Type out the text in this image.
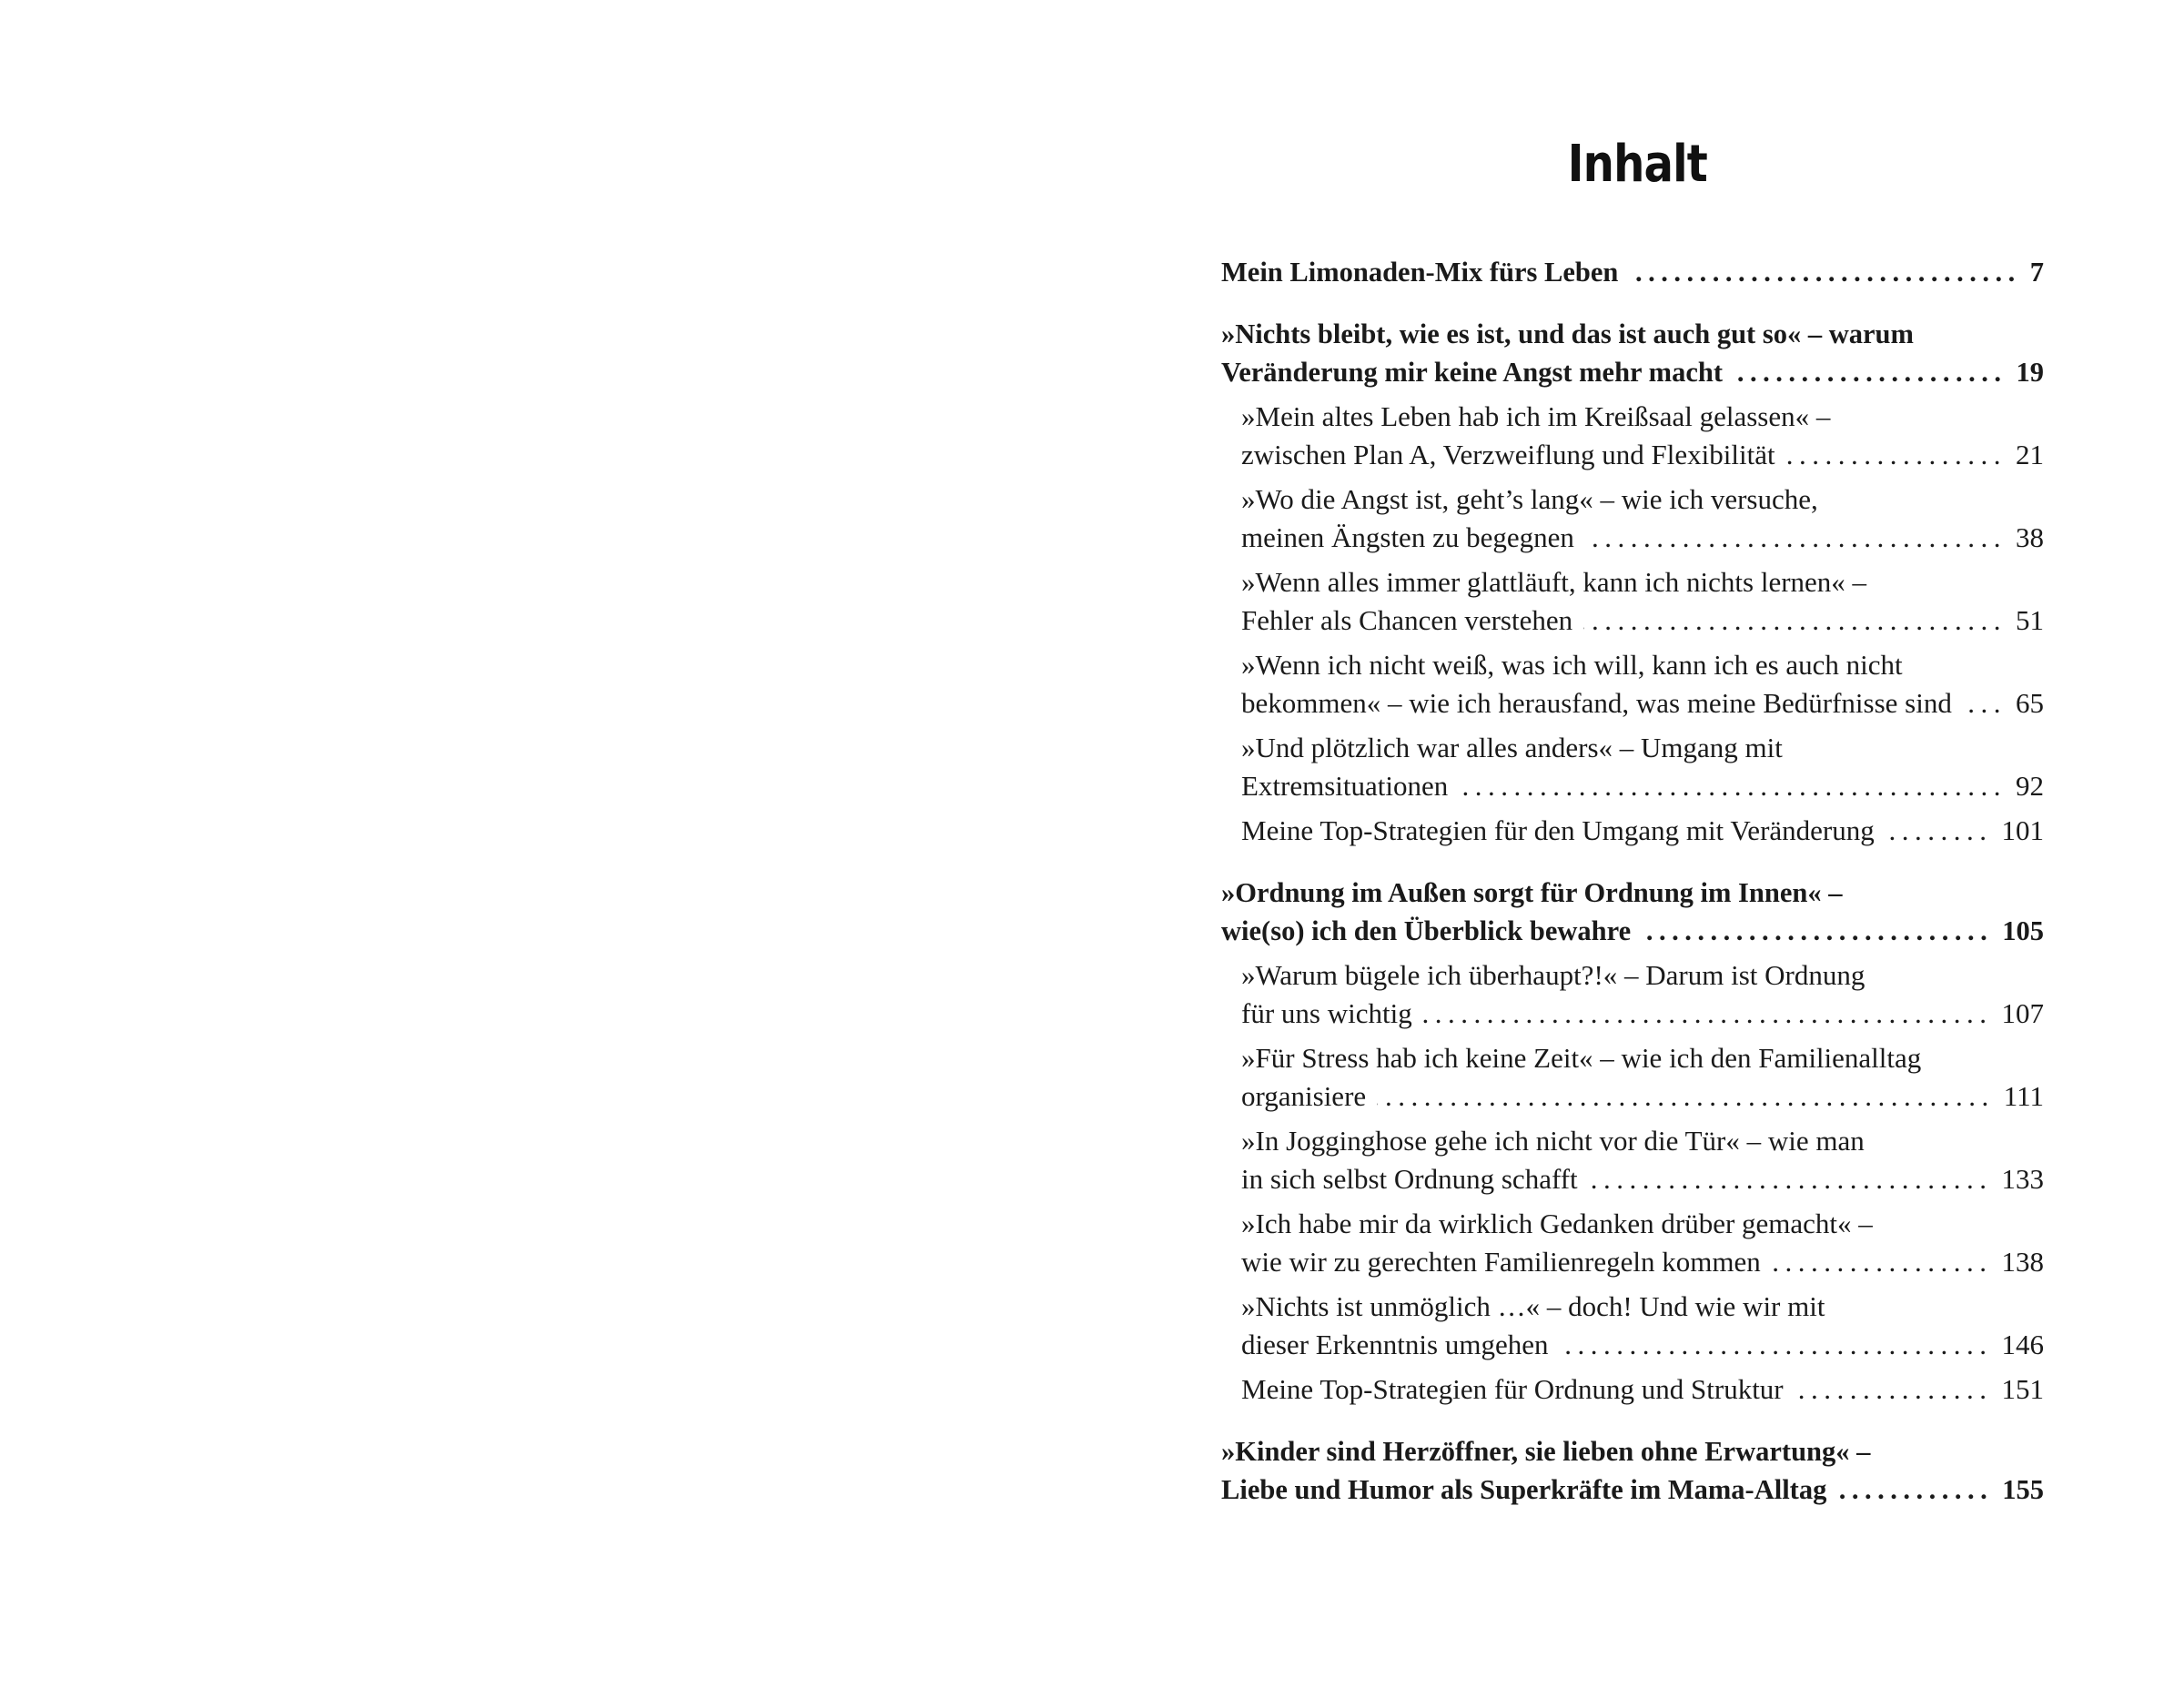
Inhalt
Mein Limonaden-Mix fürs Leben .....	7
»Nichts bleibt, wie es ist, und das ist auch gut so« – warum
Veränderung mir keine Angst mehr macht .....	19
»Mein altes Leben hab ich im Kreißsaal gelassen« –
zwischen Plan A, Verzweiflung und Flexibilität .....	21
»Wo die Angst ist, geht’s lang« – wie ich versuche,
meinen Ängsten zu begegnen .....	38
»Wenn alles immer glattläuft, kann ich nichts lernen« –
Fehler als Chancen verstehen .....	51
»Wenn ich nicht weiß, was ich will, kann ich es auch nicht
bekommen« – wie ich herausfand, was meine Bedürfnisse sind ..... 65
»Und plötzlich war alles anders« – Umgang mit
Extremsituationen .....	92
Meine Top-Strategien für den Umgang mit Veränderung .....	101
»Ordnung im Außen sorgt für Ordnung im Innen« –
wie(so) ich den Überblick bewahre .....	105
»Warum bügele ich überhaupt?!« – Darum ist Ordnung
für uns wichtig .....	107
»Für Stress hab ich keine Zeit« – wie ich den Familienalltag
organisiere .....	111
»In Jogginghose gehe ich nicht vor die Tür« – wie man
in sich selbst Ordnung schafft .....	133
»Ich habe mir da wirklich Gedanken drüber gemacht« –
wie wir zu gerechten Familienregeln kommen .....	138
»Nichts ist unmöglich …« – doch! Und wie wir mit
dieser Erkenntnis umgehen .....	146
Meine Top-Strategien für Ordnung und Struktur .....	151
»Kinder sind Herzöffner, sie lieben ohne Erwartung« –
Liebe und Humor als Superkräfte im Mama-Alltag .....	155
